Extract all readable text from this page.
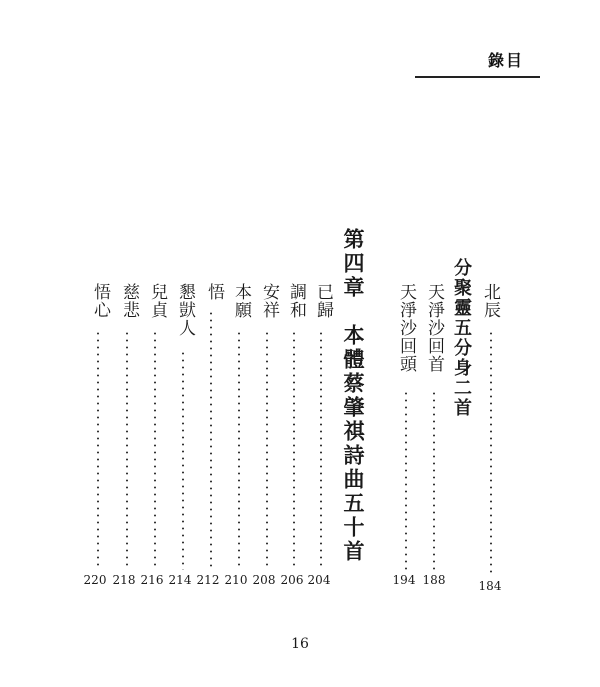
錄目
北辰
184
分聚靈五分身二首
天淨沙回首
188
天淨沙回頭
194
第四章　本體蔡肇祺詩曲五十首
已歸
204
調和
206
安祥
208
本願
210
悟
212
懇獃人
214
兒貞
216
慈悲
218
悟心
220
16
